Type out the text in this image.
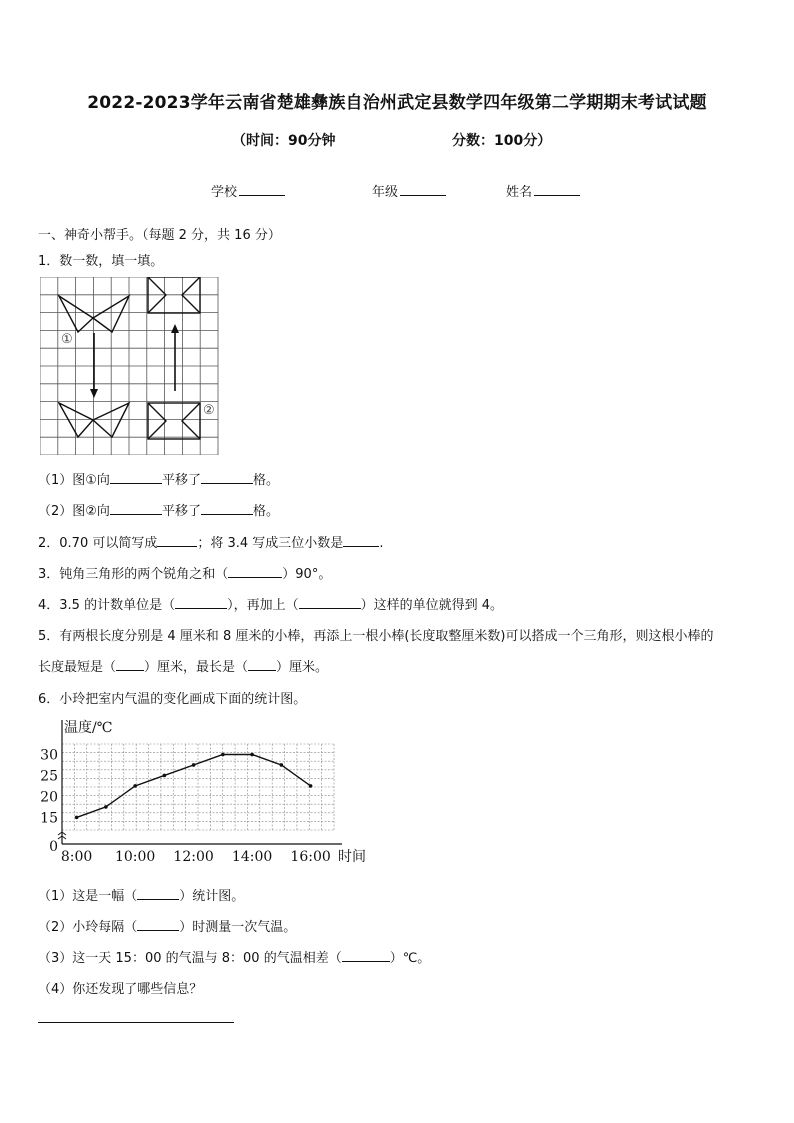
2022-2023学年云南省楚雄彝族自治州武定县数学四年级第二学期期末考试试题
（时间：90分钟	分数：100分）
学校	年级	姓名
一、神奇小帮手。（每题 2 分，共 16 分）
1．数一数，填一填。
①
②
（1）图①向	平移了	格。
（2）图②向	平移了	格。
2．0.70 可以简写成	；将 3.4 写成三位小数是	.
3．钝角三角形的两个锐角之和（	）90°。
4．3.5 的计数单位是（	），再加上（	）这样的单位就得到 4。
5．有两根长度分别是 4 厘米和 8 厘米的小棒，再添上一根小棒(长度取整厘米数)可以搭成一个三角形，则这根小棒的
长度最短是（ ）厘米，最长是（ ）厘米。
6．小玲把室内气温的变化画成下面的统计图。
30
25
20
15
0
8:00 10:00 12:00 14:00 16:00
温度/℃
时间
（1）这是一幅（	）统计图。
（2）小玲每隔（	）时测量一次气温。
（3）这一天 15：00 的气温与 8：00 的气温相差（	）℃。
（4）你还发现了哪些信息？
